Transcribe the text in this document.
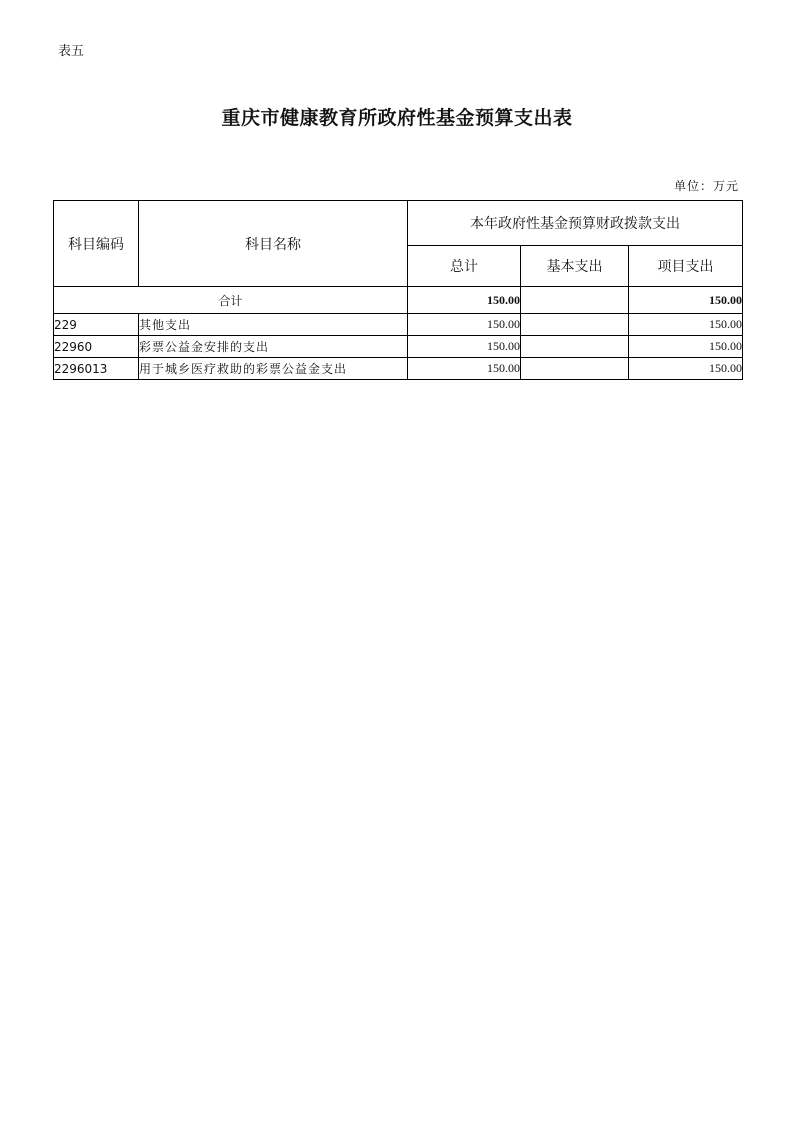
表五
重庆市健康教育所政府性基金预算支出表
单位：万元
科目编码	科目名称	本年政府性基金预算财政拨款支出		
		总计	基本支出	项目支出
合计		150.00		150.00
229	其他支出	150.00		150.00
22960	彩票公益金安排的支出	150.00		150.00
2296013	用于城乡医疗救助的彩票公益金支出	150.00		150.00
